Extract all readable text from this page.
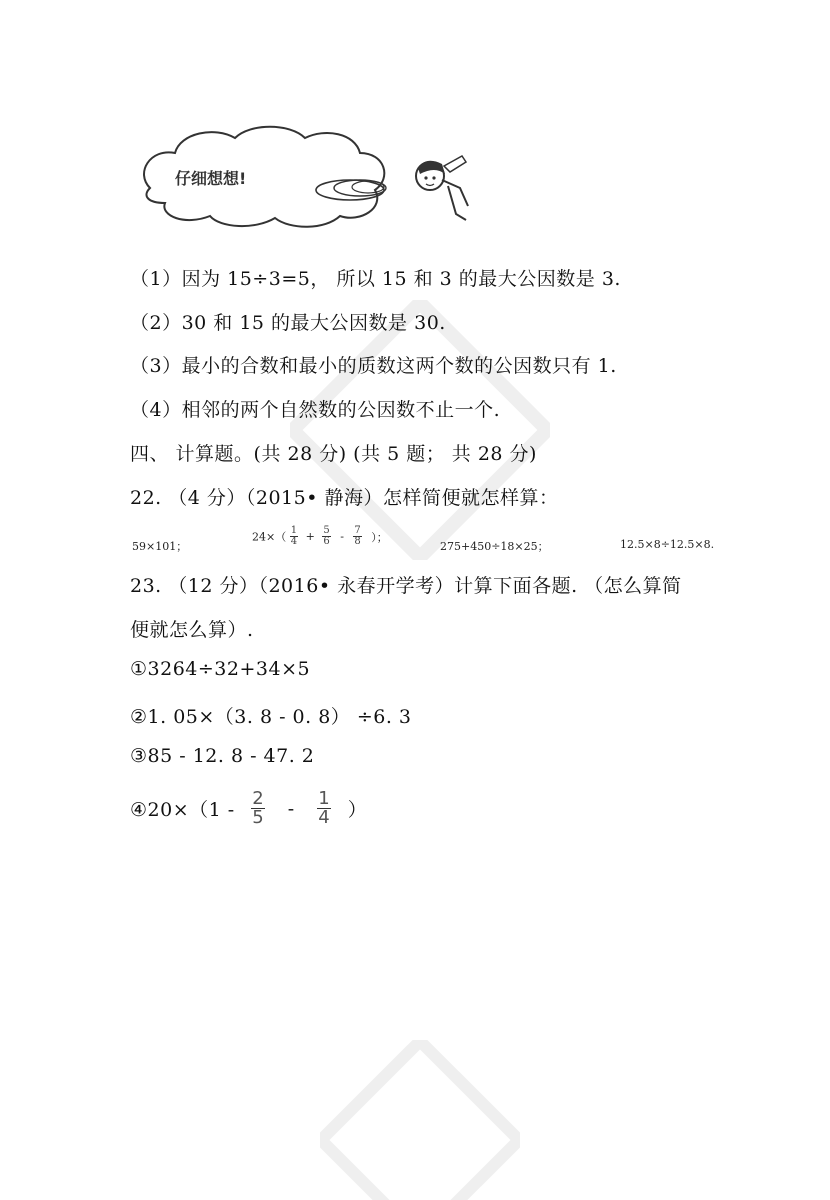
仔细想想!
（1）因为 15÷3=5， 所以 15 和 3 的最大公因数是 3.
（2）30 和 15 的最大公因数是 30.
（3）最小的合数和最小的质数这两个数的公因数只有 1.
（4）相邻的两个自然数的公因数不止一个.
四、 计算题。(共 28 分) (共 5 题； 共 28 分)
22. （4 分）（2015• 静海）怎样简便就怎样算：
59×101；
$24\times( \frac{1}{4} + \frac{5}{6} - \frac{7}{8}$ ）；
275+450÷18×25；	12.5×8÷12.5×8.
23. （12 分）（2016• 永春开学考）计算下面各题. （怎么算简
便就怎么算）.
①3264÷32+34×5
②1. 05×（3. 8 - 0. 8） ÷6. 3
③85 - 12. 8 - 47. 2
④20×（1 - $\frac{2}{5} - \frac{1}{4}$ ）
